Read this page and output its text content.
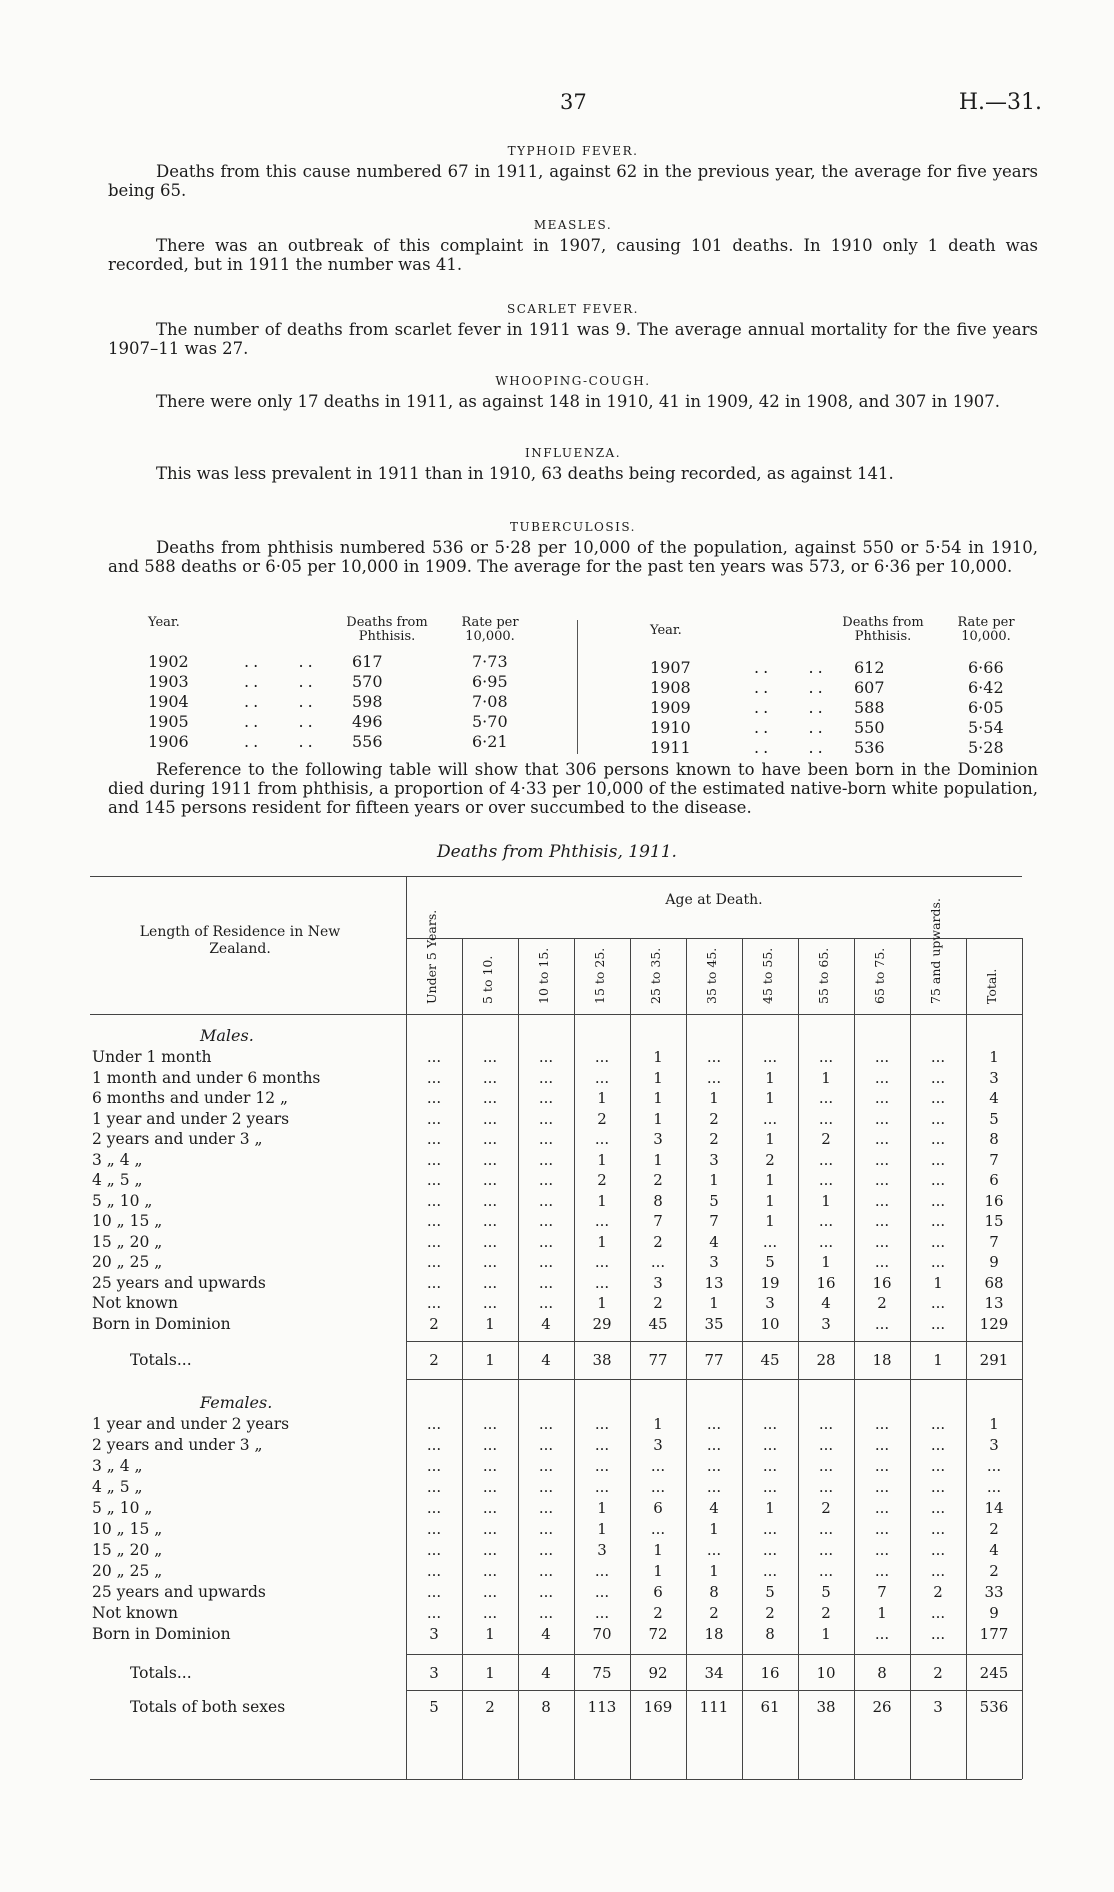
37	H.—31.
TYPHOID FEVER.
Deaths from this cause numbered 67 in 1911, against 62 in the previous year, the average for five years being 65.
MEASLES.
There was an outbreak of this complaint in 1907, causing 101 deaths. In 1910 only 1 death was recorded, but in 1911 the number was 41.
SCARLET FEVER.
The number of deaths from scarlet fever in 1911 was 9. The average annual mortality for the five years 1907–11 was 27.
WHOOPING-COUGH.
There were only 17 deaths in 1911, as against 148 in 1910, 41 in 1909, 42 in 1908, and 307 in 1907.
INFLUENZA.
This was less prevalent in 1911 than in 1910, 63 deaths being recorded, as against 141.
TUBERCULOSIS.
Deaths from phthisis numbered 536 or 5·28 per 10,000 of the population, against 550 or 5·54 in 1910, and 588 deaths or 6·05 per 10,000 in 1909. The average for the past ten years was 573, or 6·36 per 10,000.
Year.	Deaths from Phthisis.
Rate per 10,000.
1902	..    .. 617	7·73
1903	..    .. 570	6·95
1904	..    .. 598	7·08
1905	..    .. 496	5·70
1906	..    .. 556	6·21
Year.
Deaths from Phthisis.
Rate per 10,000.
1907	..    .. 612	6·66
1908	..    .. 607	6·42
1909	..    .. 588	6·05
1910	..    .. 550	5·54
1911	..    .. 536	5·28
Reference to the following table will show that 306 persons known to have been born in the Dominion died during 1911 from phthisis, a proportion of 4·33 per 10,000 of the estimated native-born white population, and 145 persons resident for fifteen years or over succumbed to the disease.
Deaths from Phthisis, 1911.
Length of Residence in New Zealand.
Age at Death.
Under 5 Years.	5 to 10.	10 to 15.	15 to 25.	25 to 35.	35 to 45.	45 to 55.	55 to 65.	65 to 75.	75 and upwards.	Total.
Males.
Under 1 month	...	...	...	...	1	...	...	...	...	...	1
1 month and under 6 months	...	...	...	...	1	...	1	1	...	...	3
6 months and under 12 „	...	...	...	1	1	1	1	...	...	...	4
1 year and under 2 years	...	...	...	2	1	2	...	...	...	...	5
2 years and under 3 „	...	...	...	...	3	2	1	2	...	...	8
3 „ 4 „	...	...	...	1	1	3	2	...	...	...	7
4 „ 5 „	...	...	...	2	2	1	1	...	...	...	6
5 „ 10 „	...	...	...	1	8	5	1	1	...	...	16
10 „ 15 „	...	...	...	...	7	7	1	...	...	...	15
15 „ 20 „	...	...	...	1	2	4	...	...	...	...	7
20 „ 25 „	...	...	...	...	...	3	5	1	...	...	9
25 years and upwards	...	...	...	...	3	13	19	16	16	1	68
Not known	...	...	...	1	2	1	3	4	2	...	13
Born in Dominion	2	1	4	29	45	35	10	3	...	...	129
Totals...	2	1	4	38	77	77	45	28	18	1	291
Females.
1 year and under 2 years	...	...	...	...	1	...	...	...	...	...	1
2 years and under 3 „	...	...	...	...	3	...	...	...	...	...	3
3 „ 4 „	...	...	...	...	...	...	...	...	...	...	...
4 „ 5 „	...	...	...	...	...	...	...	...	...	...	...
5 „ 10 „	...	...	...	1	6	4	1	2	...	...	14
10 „ 15 „	...	...	...	1	...	1	...	...	...	...	2
15 „ 20 „	...	...	...	3	1	...	...	...	...	...	4
20 „ 25 „	...	...	...	...	1	1	...	...	...	...	2
25 years and upwards	...	...	...	...	6	8	5	5	7	2	33
Not known	...	...	...	...	2	2	2	2	1	...	9
Born in Dominion	3	1	4	70	72	18	8	1	...	...	177
Totals...	3	1	4	75	92	34	16	10	8	2	245
Totals of both sexes	5	2	8	113	169	111	61	38	26	3	536
